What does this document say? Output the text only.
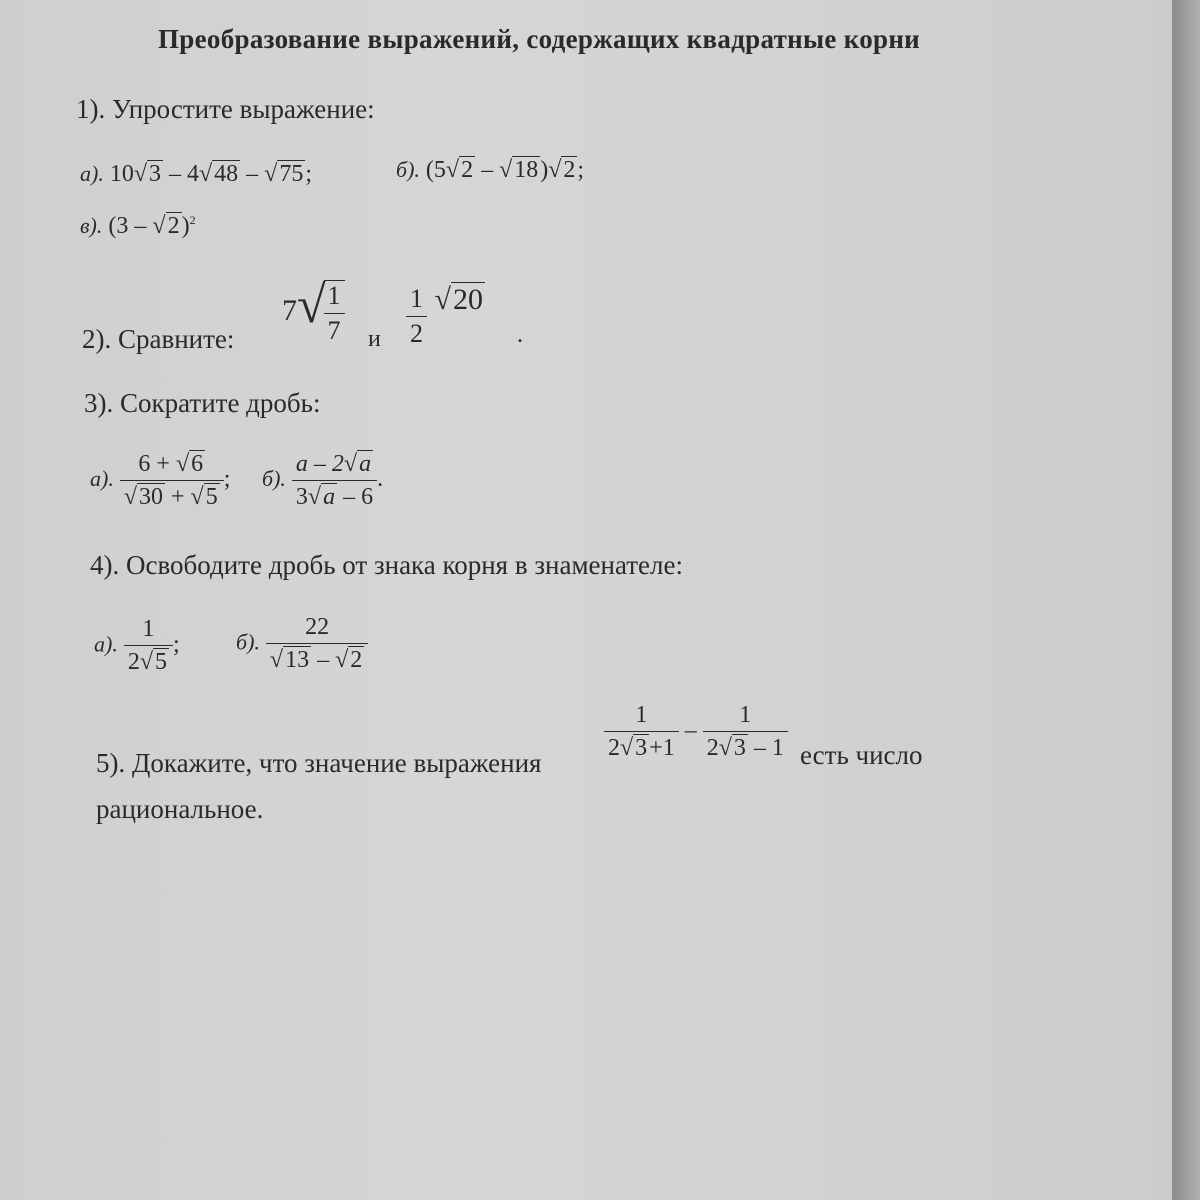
Преобразование выражений, содержащих квадратные корни
1). Упростите выражение:
а). 10√3 – 4√48 – √75;	б). (5√2 – √18)√2;
в). (3 – √2)$^2$
2). Сравните:
7 √
$\frac{1}{7}$ и $\frac{1}{2} √20$
.
3). Сократите дробь:
а). $\frac{6 + √6}{√30 + √5}$ ; б). $\frac{a - 2√a}{3√a - 6}$ .
4). Освободите дробь от знака корня в знаменателе:
а). $\frac{1}{2√5}$ ;	б). $\frac{22}{√13 - √2}$
5). Докажите, что значение выражения
$\frac{1}{2√3+1} - \frac{1}{2√3 - 1}$ есть число
рациональное.
